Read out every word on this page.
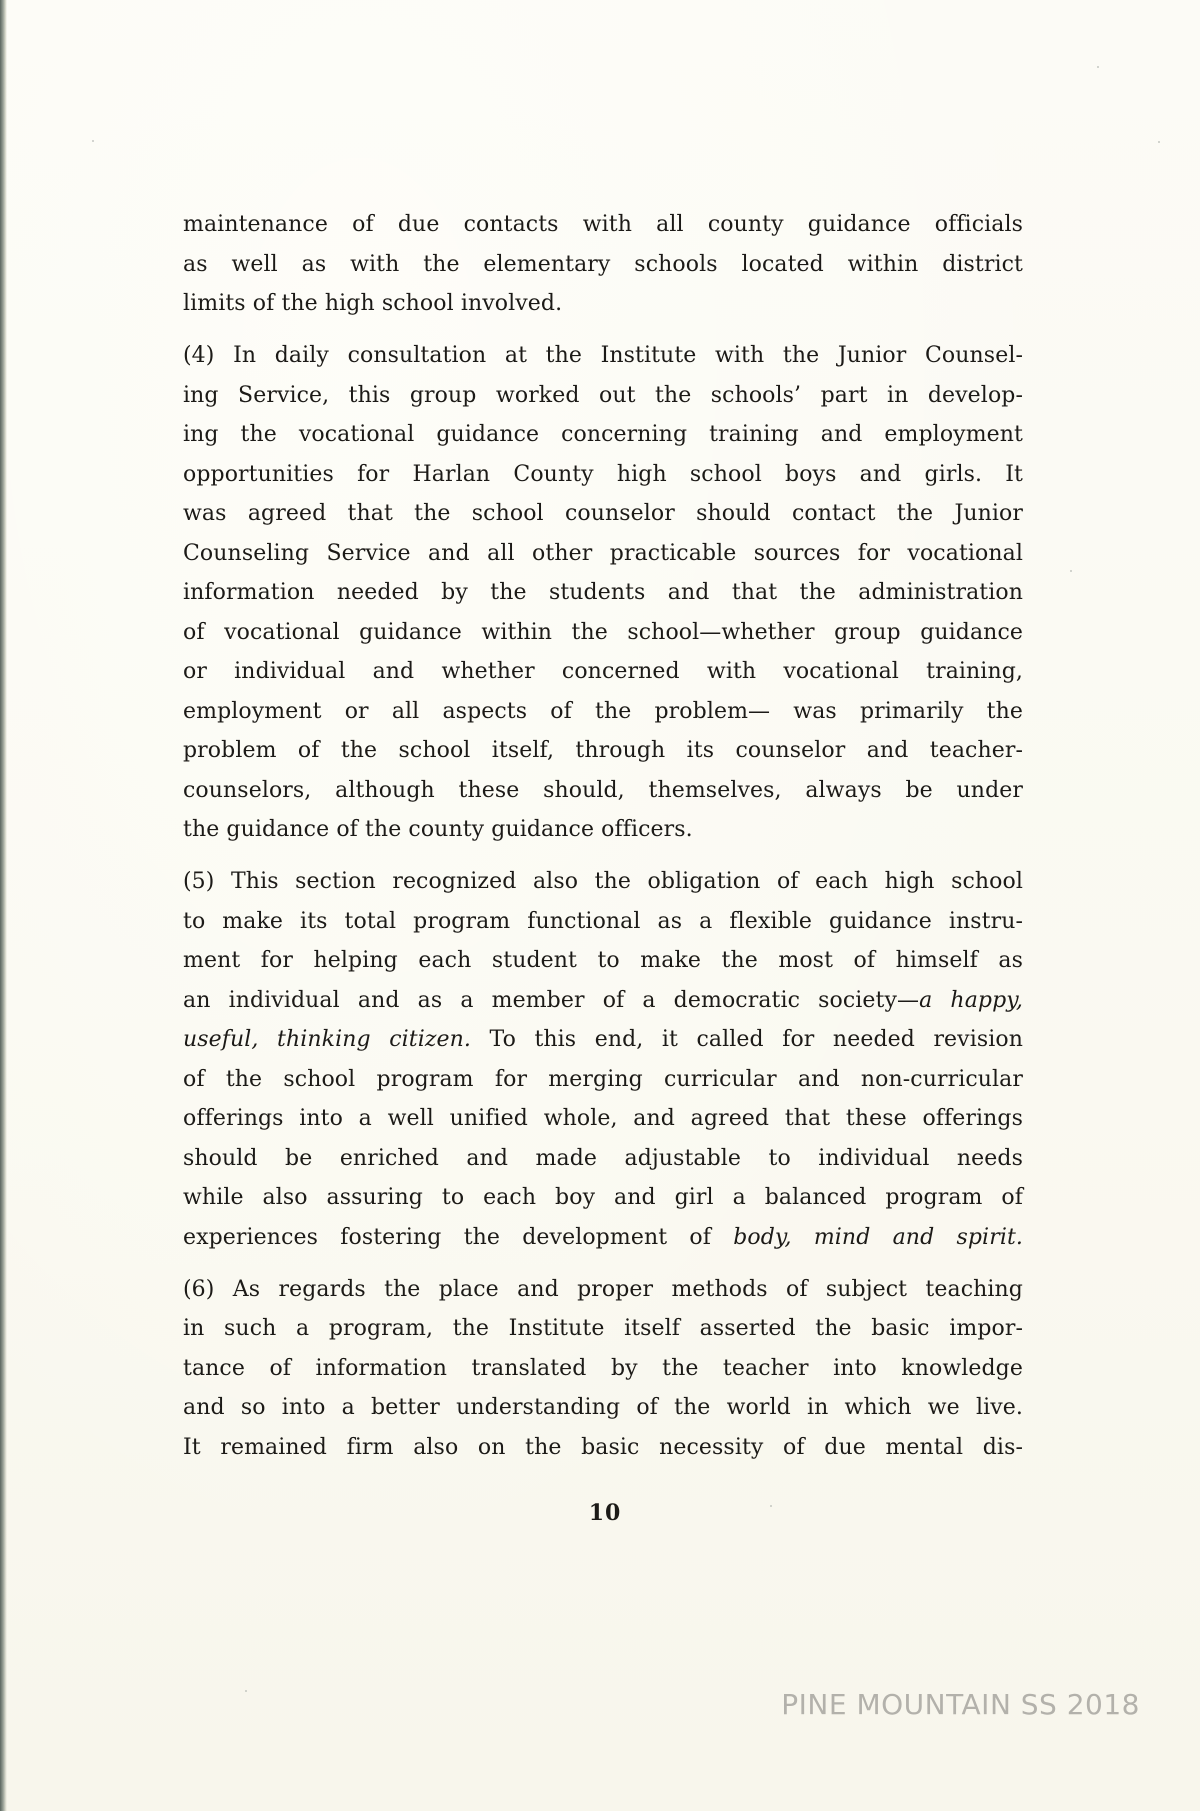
maintenance of due contacts with all county guidance officials
as well as with the elementary schools located within district
limits of the high school involved.
(4) In daily consultation at the Institute with the Junior Counsel-
ing Service, this group worked out the schools’ part in develop-
ing the vocational guidance concerning training and employment
opportunities for Harlan County high school boys and girls. It
was agreed that the school counselor should contact the Junior
Counseling Service and all other practicable sources for vocational
information needed by the students and that the administration
of vocational guidance within the school—whether group guidance
or individual and whether concerned with vocational training,
employment or all aspects of the problem— was primarily the
problem of the school itself, through its counselor and teacher-
counselors, although these should, themselves, always be under
the guidance of the county guidance officers.
(5) This section recognized also the obligation of each high school
to make its total program functional as a flexible guidance instru-
ment for helping each student to make the most of himself as
an individual and as a member of a democratic society—a happy,
useful, thinking citizen. To this end, it called for needed revision
of the school program for merging curricular and non-curricular
offerings into a well unified whole, and agreed that these offerings
should be enriched and made adjustable to individual needs
while also assuring to each boy and girl a balanced program of
experiences fostering the development of body, mind and spirit.
(6) As regards the place and proper methods of subject teaching
in such a program, the Institute itself asserted the basic impor-
tance of information translated by the teacher into knowledge
and so into a better understanding of the world in which we live.
It remained firm also on the basic necessity of due mental dis-
10
PINE MOUNTAIN SS 2018
